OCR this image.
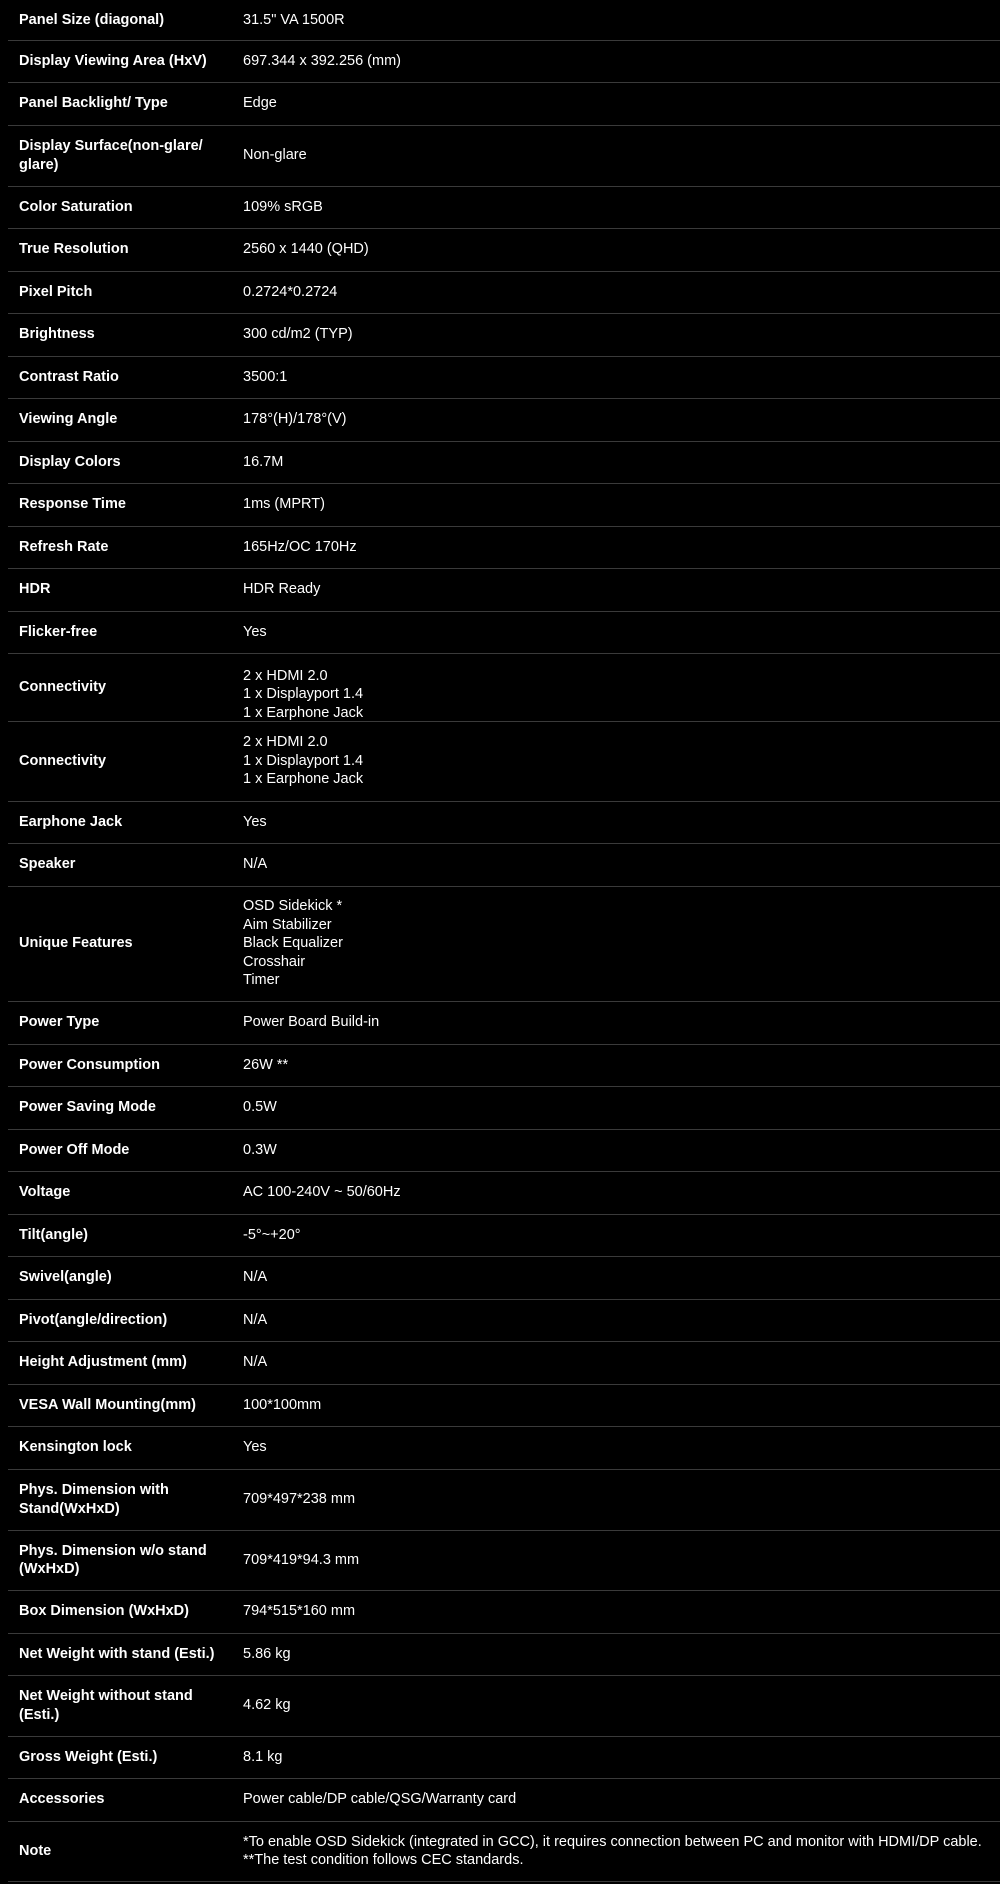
Panel Size (diagonal)	31.5" VA 1500R

Display Viewing Area (HxV)	697.344 x 392.256 (mm)

Panel Backlight/ Type	Edge

Display Surface(non-glare/ glare)	Non-glare

Color Saturation	109% sRGB

True Resolution	2560 x 1440 (QHD)

Pixel Pitch	0.2724*0.2724

Brightness	300 cd/m2 (TYP)

Contrast Ratio	3500:1

Viewing Angle	178°(H)/178°(V)

Display Colors	16.7M

Response Time	1ms (MPRT)

Refresh Rate	165Hz/OC 170Hz

HDR	HDR Ready

Flicker-free	Yes

Connectivity	2 x HDMI 2.0
1 x Displayport 1.4
1 x Earphone Jack

Connectivity	2 x HDMI 2.0
1 x Displayport 1.4
1 x Earphone Jack

Earphone Jack	Yes

Speaker	N/A

Unique Features	OSD Sidekick *
Aim Stabilizer
Black Equalizer
Crosshair
Timer

Power Type	Power Board Build-in

Power Consumption	26W **

Power Saving Mode	0.5W

Power Off Mode	0.3W

Voltage	AC 100-240V ~ 50/60Hz

Tilt(angle)	-5°~+20°

Swivel(angle)	N/A

Pivot(angle/direction)	N/A

Height Adjustment (mm)	N/A

VESA Wall Mounting(mm)	100*100mm

Kensington lock	Yes

Phys. Dimension with Stand(WxHxD)	709*497*238 mm

Phys. Dimension w/o stand (WxHxD)	709*419*94.3 mm

Box Dimension (WxHxD)	794*515*160 mm

Net Weight with stand (Esti.)	5.86 kg

Net Weight without stand (Esti.)	4.62 kg

Gross Weight (Esti.)	8.1 kg

Accessories	Power cable/DP cable/QSG/Warranty card

Note	*To enable OSD Sidekick (integrated in GCC), it requires connection between PC and monitor with HDMI/DP cable.
**The test condition follows CEC standards.
